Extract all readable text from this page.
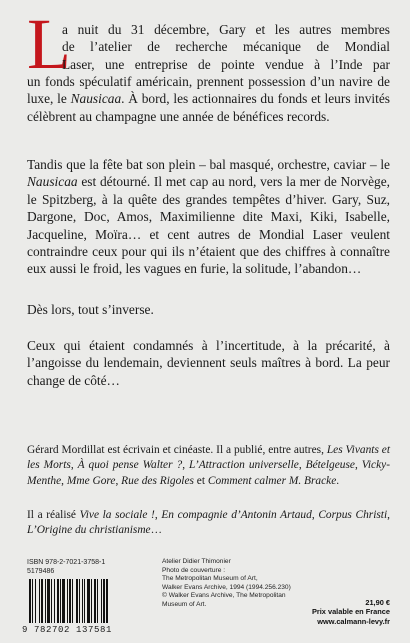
L
a nuit du 31 décembre, Gary et les autres membres
de l’atelier de recherche mécanique de Mondial
Laser, une entreprise de pointe vendue à l’Inde par
un fonds spéculatif américain, prennent possession d’un navire de luxe, le Nausicaa. À bord, les actionnaires du fonds et leurs invités célèbrent au champagne une année de bénéfices records.
Tandis que la fête bat son plein – bal masqué, orchestre, caviar – le Nausicaa est détourné. Il met cap au nord, vers la mer de Norvège, le Spitzberg, à la quête des grandes tempêtes d’hiver. Gary, Suz, Dargone, Doc, Amos, Maximilienne dite Maxi, Kiki, Isabelle, Jacqueline, Moïra… et cent autres de Mondial Laser veulent contraindre ceux pour qui ils n’étaient que des chiffres à connaître eux aussi le froid, les vagues en furie, la solitude, l’abandon…
Dès lors, tout s’inverse.
Ceux qui étaient condamnés à l’incertitude, à la précarité, à l’angoisse du lendemain, deviennent seuls maîtres à bord. La peur change de côté…
Gérard Mordillat est écrivain et cinéaste. Il a publié, entre autres, Les Vivants et les Morts, À quoi pense Walter ?, L’Attraction universelle, Bételgeuse, Vicky-Menthe, Mme Gore, Rue des Rigoles et Comment calmer M. Bracke.
Il a réalisé Vive la sociale !, En compagnie d’Antonin Artaud, Corpus Christi, L’Origine du christianisme…
ISBN 978-2-7021-3758-1
5179486
9 782702 137581
Atelier Didier Thimonier
Photo de couverture :
The Metropolitan Museum of Art,
Walker Evans Archive, 1994 (1994.256.230)
© Walker Evans Archive, The Metropolitan
Museum of Art.	21,90 €
Prix valable en France
www.calmann-levy.fr
